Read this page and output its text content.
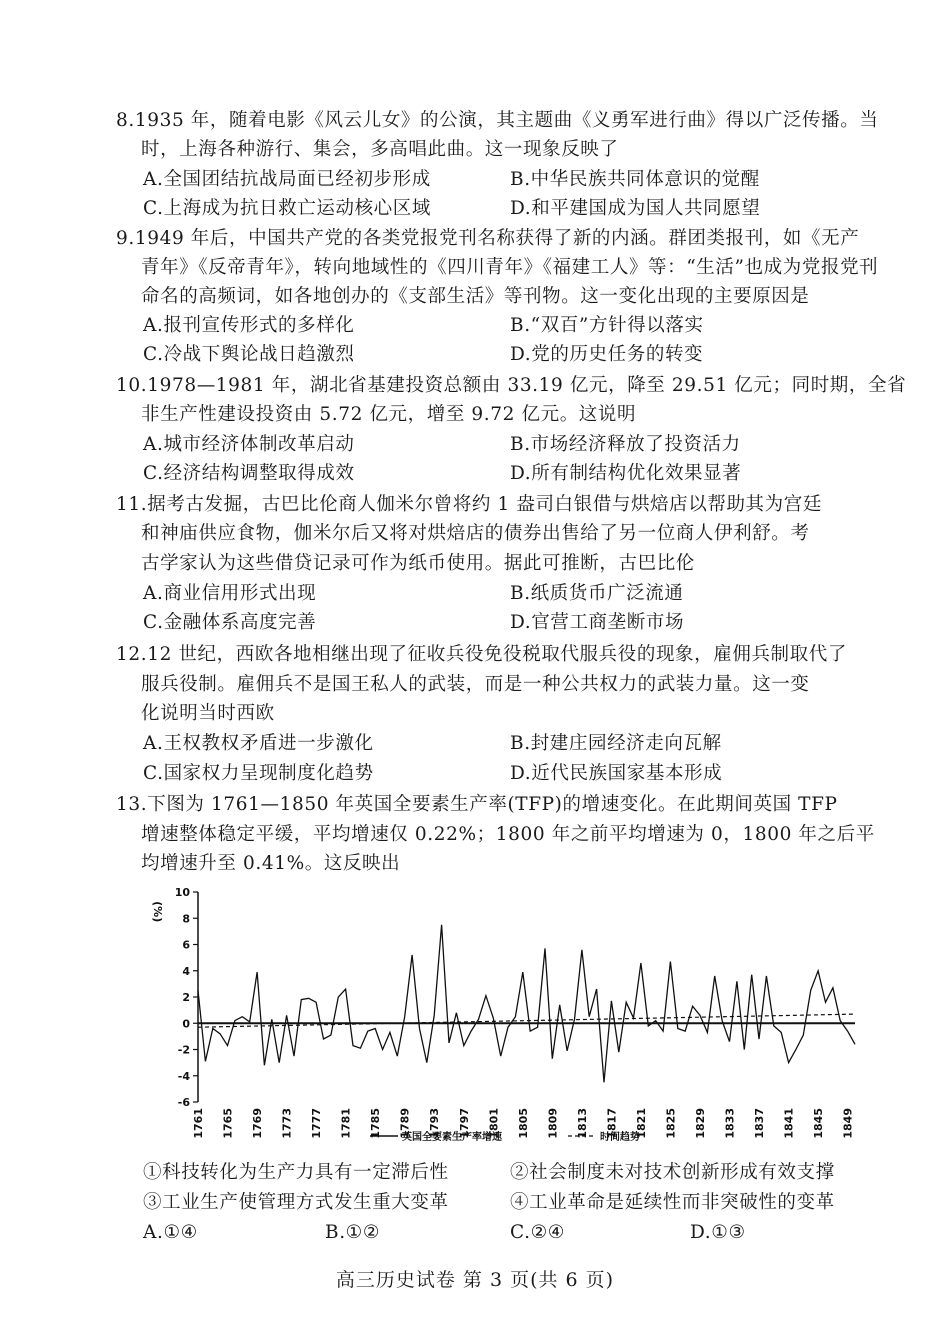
8.1935 年，随着电影《风云儿女》的公演，其主题曲《义勇军进行曲》得以广泛传播。当
时，上海各种游行、集会，多高唱此曲。这一现象反映了
A.全国团结抗战局面已经初步形成	B.中华民族共同体意识的觉醒
C.上海成为抗日救亡运动核心区域	D.和平建国成为国人共同愿望
9.1949 年后，中国共产党的各类党报党刊名称获得了新的内涵。群团类报刊，如《无产
青年》《反帝青年》，转向地域性的《四川青年》《福建工人》等：“生活”也成为党报党刊
命名的高频词，如各地创办的《支部生活》等刊物。这一变化出现的主要原因是
A.报刊宣传形式的多样化	B.“双百”方针得以落实
C.冷战下舆论战日趋激烈	D.党的历史任务的转变
10.1978—1981 年，湖北省基建投资总额由 33.19 亿元，降至 29.51 亿元；同时期，全省
非生产性建设投资由 5.72 亿元，增至 9.72 亿元。这说明
A.城市经济体制改革启动	B.市场经济释放了投资活力
C.经济结构调整取得成效	D.所有制结构优化效果显著
11.据考古发掘，古巴比伦商人伽米尔曾将约 1 盎司白银借与烘焙店以帮助其为宫廷
和神庙供应食物，伽米尔后又将对烘焙店的债券出售给了另一位商人伊利舒。考
古学家认为这些借贷记录可作为纸币使用。据此可推断，古巴比伦
A.商业信用形式出现	B.纸质货币广泛流通
C.金融体系高度完善	D.官营工商垄断市场
12.12 世纪，西欧各地相继出现了征收兵役免役税取代服兵役的现象，雇佣兵制取代了
服兵役制。雇佣兵不是国王私人的武装，而是一种公共权力的武装力量。这一变
化说明当时西欧
A.王权教权矛盾进一步激化	B.封建庄园经济走向瓦解
C.国家权力呈现制度化趋势	D.近代民族国家基本形成
13.下图为 1761—1850 年英国全要素生产率(TFP)的增速变化。在此期间英国 TFP
增速整体稳定平缓，平均增速仅 0.22%；1800 年之前平均增速为 0，1800 年之后平
均增速升至 0.41%。这反映出
(%)
10
8
6
4
2
0
-2
-4
-6
1761 1765 1769 1773 1777 1781 1785 1789 1793 1797 1801 1805 1809 1813 1817 1821 1825 1829 1833 1837 1841 1845 1849
英国全要素生产率增速	时间趋势
①科技转化为生产力具有一定滞后性	②社会制度未对技术创新形成有效支撑
③工业生产使管理方式发生重大变革	④工业革命是延续性而非突破性的变革
A.①④	B.①②	C.②④	D.①③
高三历史试卷 第 3 页(共 6 页)
